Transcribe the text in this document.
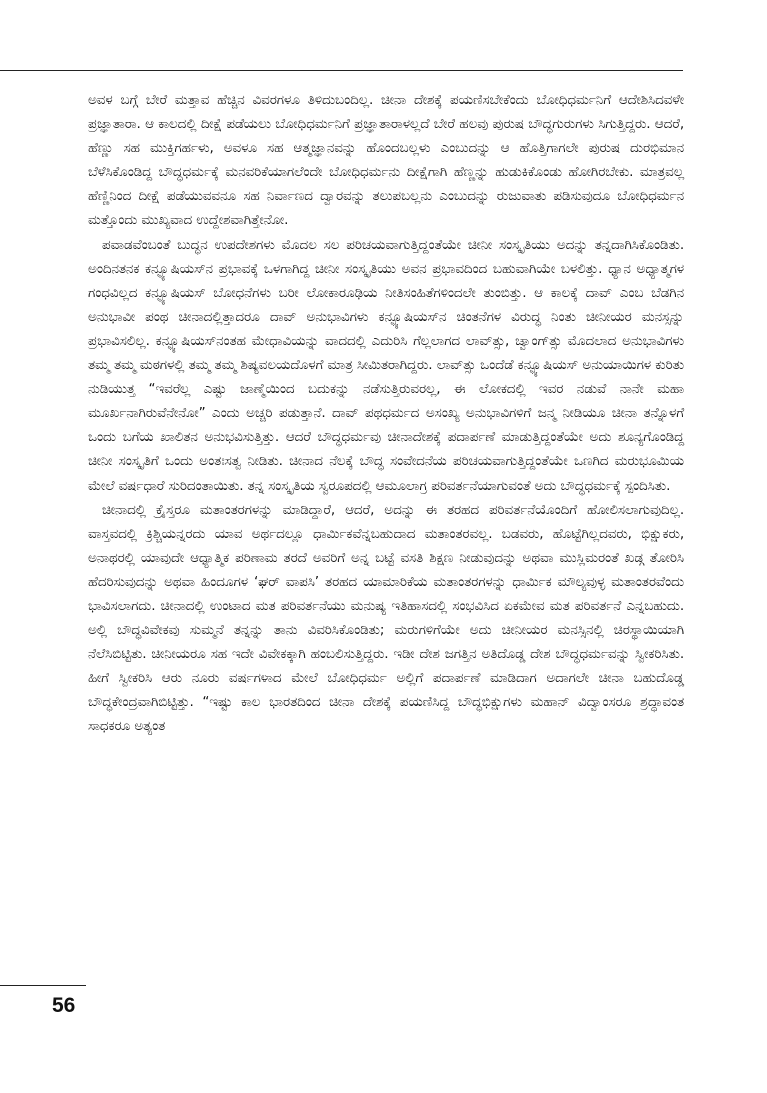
ಅವಳ ಬಗ್ಗೆ ಬೇರೆ ಮತ್ತಾವ ಹೆಚ್ಚಿನ ವಿವರಗಳೂ ತಿಳಿದುಬಂದಿಲ್ಲ. ಚೀನಾ ದೇಶಕ್ಕೆ ಪಯಣಿಸಬೇಕೆಂದು ಬೋಧಿಧರ್ಮನಿಗೆ ಆದೇಶಿಸಿದವಳೇ ಪ್ರಜ್ಞಾತಾರಾ. ಆ ಕಾಲದಲ್ಲಿ ದೀಕ್ಷೆ ಪಡೆಯಲು ಬೋಧಿಧರ್ಮನಿಗೆ ಪ್ರಜ್ಞಾತಾರಾಳಲ್ಲದೆ ಬೇರೆ ಹಲವು ಪುರುಷ ಬೌದ್ಧಗುರುಗಳು ಸಿಗುತ್ತಿದ್ದರು. ಆದರೆ, ಹೆಣ್ಣು ಸಹ ಮುಕ್ತಿಗರ್ಹಳು, ಅವಳೂ ಸಹ ಆತ್ಮಜ್ಞಾನವನ್ನು ಹೊಂದಬಲ್ಲಳು ಎಂಬುದನ್ನು ಆ ಹೊತ್ತಿಗಾಗಲೇ ಪುರುಷ ದುರಭಿಮಾನ ಬೆಳೆಸಿಕೊಂಡಿದ್ದ ಬೌದ್ಧಧರ್ಮಕ್ಕೆ ಮನವರಿಕೆಯಾಗಲೆಂದೇ ಬೋಧಿಧರ್ಮನು ದೀಕ್ಷೆಗಾಗಿ ಹೆಣ್ಣನ್ನು ಹುಡುಕಿಕೊಂಡು ಹೋಗಿರಬೇಕು. ಮಾತ್ರವಲ್ಲ ಹೆಣ್ಣಿನಿಂದ ದೀಕ್ಷೆ ಪಡೆಯುವವನೂ ಸಹ ನಿರ್ವಾಣದ ದ್ವಾರವನ್ನು ತಲುಪಬಲ್ಲನು ಎಂಬುದನ್ನು ರುಜುವಾತು ಪಡಿಸುವುದೂ ಬೋಧಿಧರ್ಮನ ಮತ್ತೊಂದು ಮುಖ್ಯವಾದ ಉದ್ದೇಶವಾಗಿತ್ತೇನೋ.

ಪವಾಡವೆಂಬಂತೆ ಬುದ್ಧನ ಉಪದೇಶಗಳು ಮೊದಲ ಸಲ ಪರಿಚಯವಾಗುತ್ತಿದ್ದಂತೆಯೇ ಚೀನೀ ಸಂಸ್ಕೃತಿಯು ಅದನ್ನು ತನ್ನದಾಗಿಸಿಕೊಂಡಿತು. ಅಂದಿನತನಕ ಕನ್ಫ್ಯೂಷಿಯಸ್‌ನ ಪ್ರಭಾವಕ್ಕೆ ಒಳಗಾಗಿದ್ದ ಚೀನೀ ಸಂಸ್ಕೃತಿಯು ಅವನ ಪ್ರಭಾವದಿಂದ ಬಹುವಾಗಿಯೇ ಬಳಲಿತ್ತು. ಧ್ಯಾನ ಅಧ್ಯಾತ್ಮಗಳ ಗಂಧವಿಲ್ಲದ ಕನ್ಫ್ಯೂಷಿಯಸ್ ಬೋಧನೆಗಳು ಬರೀ ಲೋಕಾರೂಢಿಯ ನೀತಿಸಂಹಿತೆಗಳಿಂದಲೇ ತುಂಬಿತ್ತು. ಆ ಕಾಲಕ್ಕೆ ದಾವ್ ಎಂಬ ಬೆಡಗಿನ ಅನುಭಾವೀ ಪಂಥ ಚೀನಾದಲ್ಲಿತ್ತಾದರೂ ದಾವ್ ಅನುಭಾವಿಗಳು ಕನ್ಫ್ಯೂಷಿಯಸ್‌ನ ಚಿಂತನೆಗಳ ವಿರುದ್ಧ ನಿಂತು ಚೀನೀಯರ ಮನಸ್ಸನ್ನು ಪ್ರಭಾವಿಸಲಿಲ್ಲ. ಕನ್ಫ್ಯೂಷಿಯಸ್‌ನಂತಹ ಮೇಧಾವಿಯನ್ನು ವಾದದಲ್ಲಿ ಎದುರಿಸಿ ಗೆಲ್ಲಲಾಗದ ಲಾವ್‌ತ್ಸು, ಚ್ವಾಂಗ್‌ತ್ಸು ಮೊದಲಾದ ಅನುಭಾವಿಗಳು ತಮ್ಮ ತಮ್ಮ ಮಠಗಳಲ್ಲಿ ತಮ್ಮ ತಮ್ಮ ಶಿಷ್ಯವಲಯದೊಳಗೆ ಮಾತ್ರ ಸೀಮಿತರಾಗಿದ್ದರು. ಲಾವ್‌ತ್ಸು ಒಂದೆಡೆ ಕನ್ಫ್ಯೂಷಿಯಸ್ ಅನುಯಾಯಿಗಳ ಕುರಿತು ನುಡಿಯುತ್ತ “ಇವರೆಲ್ಲ ಎಷ್ಟು ಜಾಣ್ಮೆಯಿಂದ ಬದುಕನ್ನು ನಡೆಸುತ್ತಿರುವರಲ್ಲ, ಈ ಲೋಕದಲ್ಲಿ ಇವರ ನಡುವೆ ನಾನೇ ಮಹಾ ಮೂರ್ಖನಾಗಿರುವೆನೇನೋ” ಎಂದು ಅಚ್ಚರಿ ಪಡುತ್ತಾನೆ. ದಾವ್ ಪಥಧರ್ಮದ ಅಸಂಖ್ಯ ಅನುಭಾವಿಗಳಿಗೆ ಜನ್ಮ ನೀಡಿಯೂ ಚೀನಾ ತನ್ನೊಳಗೆ ಒಂದು ಬಗೆಯ ಖಾಲಿತನ ಅನುಭವಿಸುತ್ತಿತ್ತು. ಆದರೆ ಬೌದ್ಧಧರ್ಮವು ಚೀನಾದೇಶಕ್ಕೆ ಪದಾರ್ಪಣೆ ಮಾಡುತ್ತಿದ್ದಂತೆಯೇ ಅದು ಶೂನ್ಯಗೊಂಡಿದ್ದ ಚೀನೀ ಸಂಸ್ಕೃತಿಗೆ ಒಂದು ಅಂತಃಸತ್ವ ನೀಡಿತು. ಚೀನಾದ ನೆಲಕ್ಕೆ ಬೌದ್ಧ ಸಂವೇದನೆಯ ಪರಿಚಯವಾಗುತ್ತಿದ್ದಂತೆಯೇ ಒಣಗಿದ ಮರುಭೂಮಿಯ ಮೇಲೆ ವರ್ಷಧಾರೆ ಸುರಿದಂತಾಯಿತು. ತನ್ನ ಸಂಸ್ಕೃತಿಯ ಸ್ವರೂಪದಲ್ಲಿ ಆಮೂಲಾಗ್ರ ಪರಿವರ್ತನೆಯಾಗುವಂತೆ ಅದು ಬೌದ್ಧಧರ್ಮಕ್ಕೆ ಸ್ಪಂದಿಸಿತು.

ಚೀನಾದಲ್ಲಿ ಕ್ರೈಸ್ತರೂ ಮತಾಂತರಗಳನ್ನು ಮಾಡಿದ್ದಾರೆ, ಆದರೆ, ಅದನ್ನು ಈ ತರಹದ ಪರಿವರ್ತನೆಯೊಂದಿಗೆ ಹೋಲಿಸಲಾಗುವುದಿಲ್ಲ. ವಾಸ್ತವದಲ್ಲಿ ಕ್ರಿಶ್ಚಿಯನ್ನರದು ಯಾವ ಅರ್ಥದಲ್ಲೂ ಧಾರ್ಮಿಕವೆನ್ನಬಹುದಾದ ಮತಾಂತರವಲ್ಲ. ಬಡವರು, ಹೊಟ್ಟೆಗಿಲ್ಲದವರು, ಭಿಕ್ಷುಕರು, ಅನಾಥರಲ್ಲಿ ಯಾವುದೇ ಆಧ್ಯಾತ್ಮಿಕ ಪರಿಣಾಮ ತರದೆ ಅವರಿಗೆ ಅನ್ನ ಬಟ್ಟೆ ವಸತಿ ಶಿಕ್ಷಣ ನೀಡುವುದನ್ನು ಅಥವಾ ಮುಸ್ಲಿಮರಂತೆ ಖಡ್ಗ ತೋರಿಸಿ ಹೆದರಿಸುವುದನ್ನು ಅಥವಾ ಹಿಂದೂಗಳ ‘ಘರ್ ವಾಪಸಿ’ ತರಹದ ಯಾಮಾರಿಕೆಯ ಮತಾಂತರಗಳನ್ನು ಧಾರ್ಮಿಕ ಮೌಲ್ಯವುಳ್ಳ ಮತಾಂತರವೆಂದು ಭಾವಿಸಲಾಗದು. ಚೀನಾದಲ್ಲಿ ಉಂಟಾದ ಮತ ಪರಿವರ್ತನೆಯು ಮನುಷ್ಯ ಇತಿಹಾಸದಲ್ಲಿ ಸಂಭವಿಸಿದ ಏಕಮೇವ ಮತ ಪರಿವರ್ತನೆ ಎನ್ನಬಹುದು. ಅಲ್ಲಿ ಬೌದ್ಧವಿವೇಕವು ಸುಮ್ಮನೆ ತನ್ನನ್ನು ತಾನು ವಿವರಿಸಿಕೊಂಡಿತು; ಮರುಗಳಿಗೆಯೇ ಅದು ಚೀನೀಯರ ಮನಸ್ಸಿನಲ್ಲಿ ಚಿರಸ್ಥಾಯಿಯಾಗಿ ನೆಲೆಸಿಬಿಟ್ಟಿತು. ಚೀನೀಯರೂ ಸಹ ಇದೇ ವಿವೇಕಕ್ಕಾಗಿ ಹಂಬಲಿಸುತ್ತಿದ್ದರು. ಇಡೀ ದೇಶ ಜಗತ್ತಿನ ಅತಿದೊಡ್ಡ ದೇಶ ಬೌದ್ಧಧರ್ಮವನ್ನು ಸ್ವೀಕರಿಸಿತು. ಹೀಗೆ ಸ್ವೀಕರಿಸಿ ಆರು ನೂರು ವರ್ಷಗಳಾದ ಮೇಲೆ ಬೋಧಿಧರ್ಮ ಅಲ್ಲಿಗೆ ಪದಾರ್ಪಣೆ ಮಾಡಿದಾಗ ಅದಾಗಲೇ ಚೀನಾ ಬಹುದೊಡ್ಡ ಬೌದ್ಧಕೇಂದ್ರವಾಗಿಬಿಟ್ಟಿತ್ತು. “ಇಷ್ಟು ಕಾಲ ಭಾರತದಿಂದ ಚೀನಾ ದೇಶಕ್ಕೆ ಪಯಣಿಸಿದ್ದ ಬೌದ್ಧಭಿಕ್ಷುಗಳು ಮಹಾನ್ ವಿದ್ವಾಂಸರೂ ಶ್ರದ್ಧಾವಂತ ಸಾಧಕರೂ ಅತ್ಯಂತ

56
